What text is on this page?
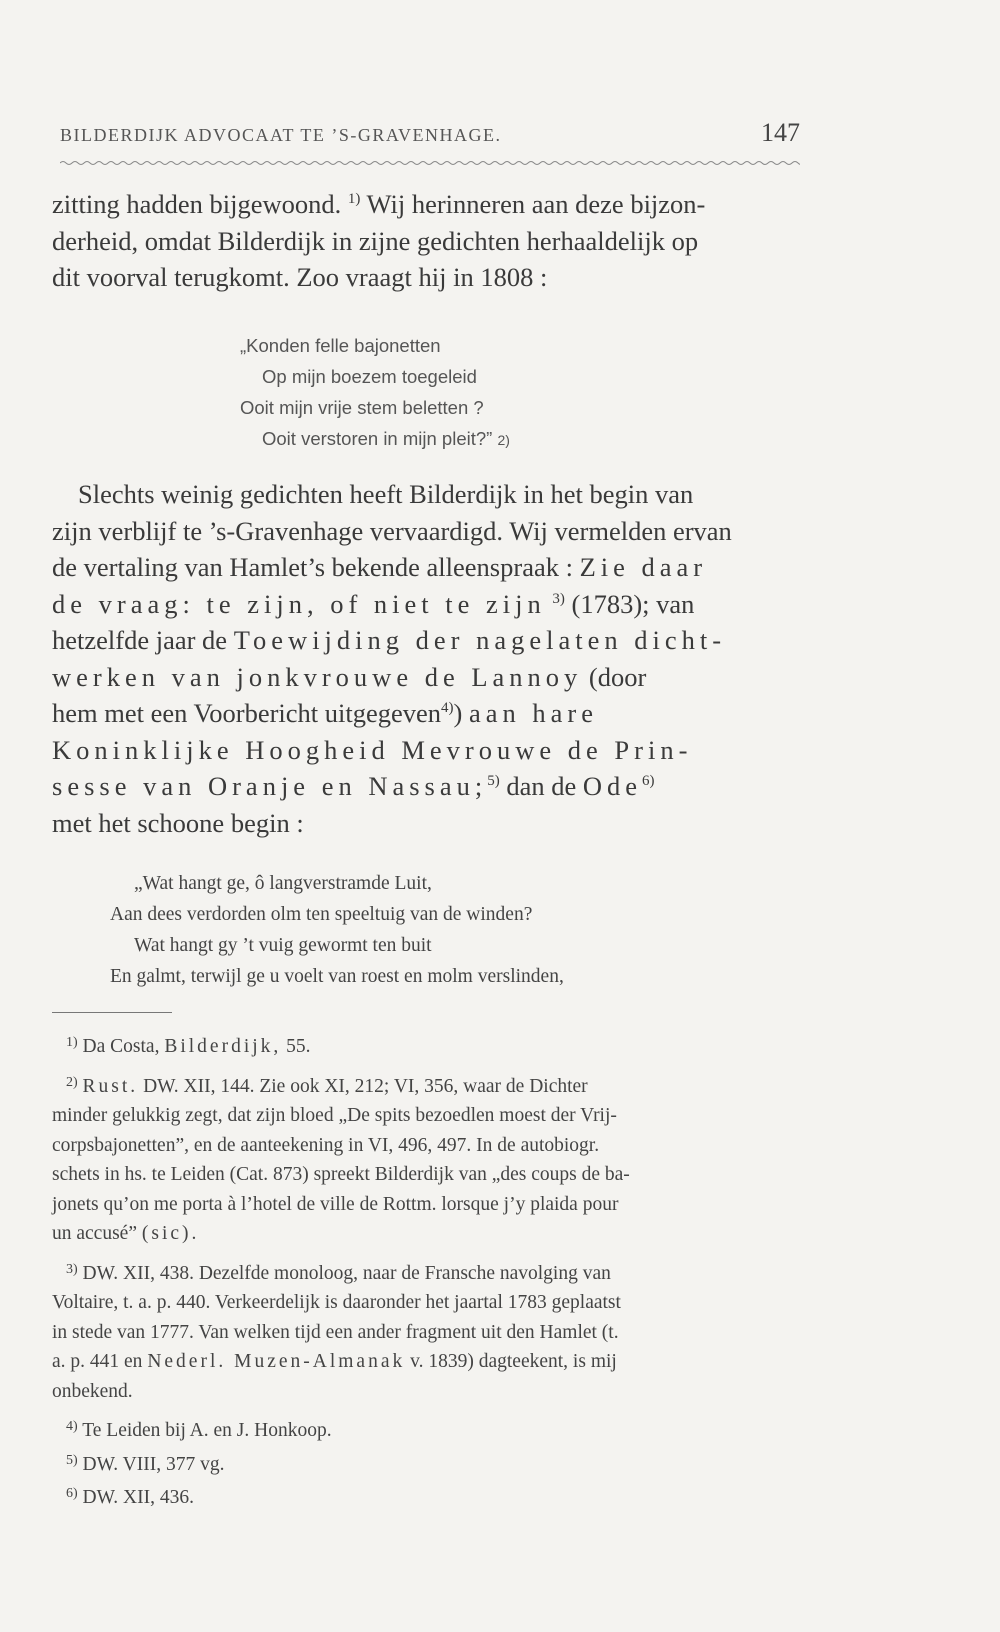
BILDERDIJK ADVOCAAT TE ’S-GRAVENHAGE.	147

zitting hadden bijgewoond. $^{1)}$ Wij herinneren aan deze bijzon-

derheid, omdat Bilderdijk in zijne gedichten herhaaldelijk op

dit voorval terugkomt. Zoo vraagt hij in 1808 :

„Konden felle bajonetten

Op mijn boezem toegeleid

Ooit mijn vrije stem beletten ?

Ooit verstoren in mijn pleit?” 2)

Slechts weinig gedichten heeft Bilderdijk in het begin van

zijn verblijf te ’s-Gravenhage vervaardigd. Wij vermelden ervan

de vertaling van Hamlet’s bekende alleenspraak : Zie daar

de vraag: te zijn, of niet te zijn $^{3)}$ (1783); van

hetzelfde jaar de Toewijding der nagelaten dicht-

werken van jonkvrouwe de Lannoy (door

hem met een Voorbericht uitgegeven$^{4)}$) aan hare

Koninklijke Hoogheid Mevrouwe de Prin-

sesse van Oranje en Nassau;$^{5)}$ dan de Ode$^{6)}$

met het schoone begin :

„Wat hangt ge, ô langverstramde Luit,

Aan dees verdorden olm ten speeltuig van de winden?

Wat hangt gy ’t vuig gewormt ten buit

En galmt, terwijl ge u voelt van roest en molm verslinden,

$^{1)}$ Da Costa, Bilderdijk, 55.

$^{2)}$ Rust. DW. XII, 144. Zie ook XI, 212; VI, 356, waar de Dichter

minder gelukkig zegt, dat zijn bloed „De spits bezoedlen moest der Vrij-

corpsbajonetten”, en de aanteekening in VI, 496, 497. In de autobiogr.

schets in hs. te Leiden (Cat. 873) spreekt Bilderdijk van „des coups de ba-

jonets qu’on me porta à l’hotel de ville de Rottm. lorsque j’y plaida pour

un accusé” (sic).

$^{3)}$ DW. XII, 438. Dezelfde monoloog, naar de Fransche navolging van

Voltaire, t. a. p. 440. Verkeerdelijk is daaronder het jaartal 1783 geplaatst

in stede van 1777. Van welken tijd een ander fragment uit den Hamlet (t.

a. p. 441 en Nederl. Muzen-Almanak v. 1839) dagteekent, is mij

onbekend.

$^{4)}$ Te Leiden bij A. en J. Honkoop.

$^{5)}$ DW. VIII, 377 vg.

$^{6)}$ DW. XII, 436.
